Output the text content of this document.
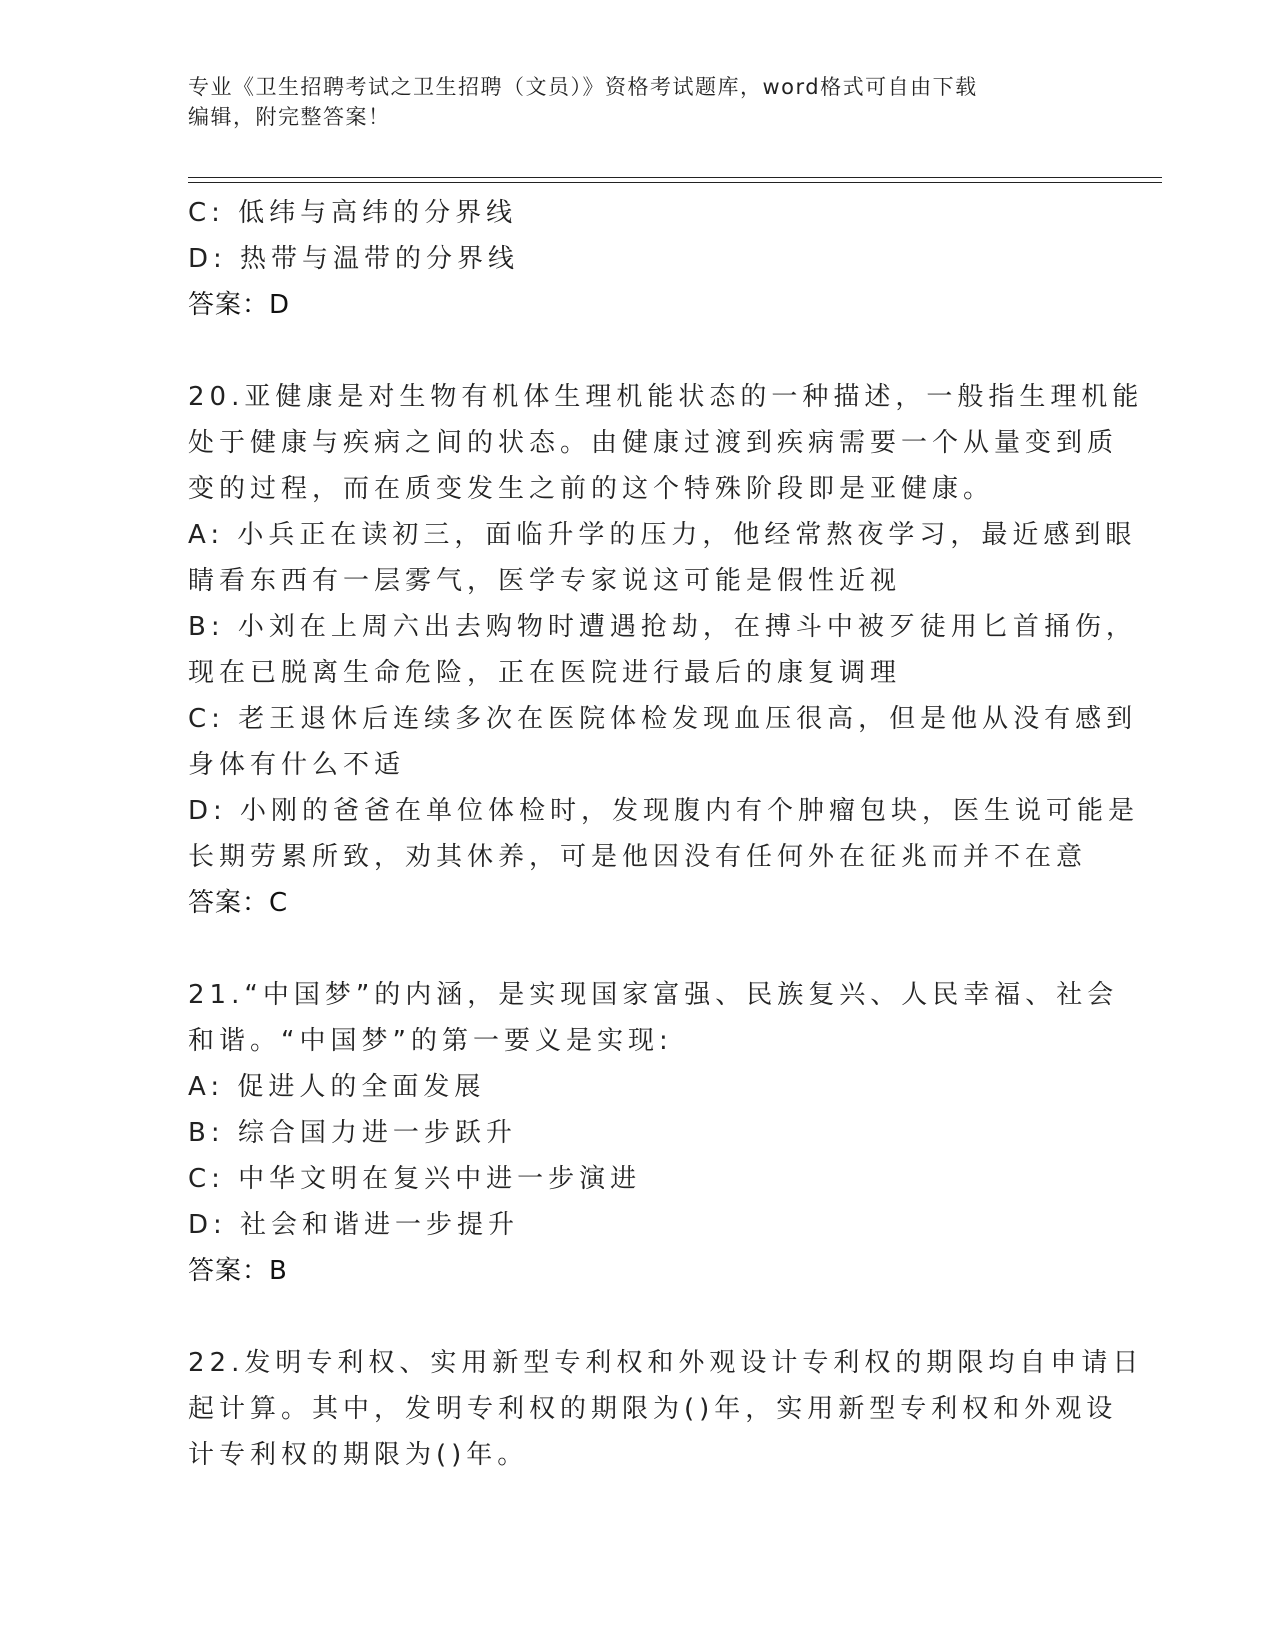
专业《卫生招聘考试之卫生招聘（文员）》资格考试题库，word格式可自由下载
编辑，附完整答案！
C: 低纬与高纬的分界线
D: 热带与温带的分界线
答案：D
20.亚健康是对生物有机体生理机能状态的一种描述，一般指生理机能
处于健康与疾病之间的状态。由健康过渡到疾病需要一个从量变到质
变的过程，而在质变发生之前的这个特殊阶段即是亚健康。
A: 小兵正在读初三，面临升学的压力，他经常熬夜学习，最近感到眼
睛看东西有一层雾气，医学专家说这可能是假性近视
B: 小刘在上周六出去购物时遭遇抢劫，在搏斗中被歹徒用匕首捅伤，
现在已脱离生命危险，正在医院进行最后的康复调理
C: 老王退休后连续多次在医院体检发现血压很高，但是他从没有感到
身体有什么不适
D: 小刚的爸爸在单位体检时，发现腹内有个肿瘤包块，医生说可能是
长期劳累所致，劝其休养，可是他因没有任何外在征兆而并不在意
答案：C
21.“中国梦”的内涵，是实现国家富强、民族复兴、人民幸福、社会
和谐。“中国梦”的第一要义是实现:
A: 促进人的全面发展
B: 综合国力进一步跃升
C: 中华文明在复兴中进一步演进
D: 社会和谐进一步提升
答案：B
22.发明专利权、实用新型专利权和外观设计专利权的期限均自申请日
起计算。其中，发明专利权的期限为()年，实用新型专利权和外观设
计专利权的期限为()年。
